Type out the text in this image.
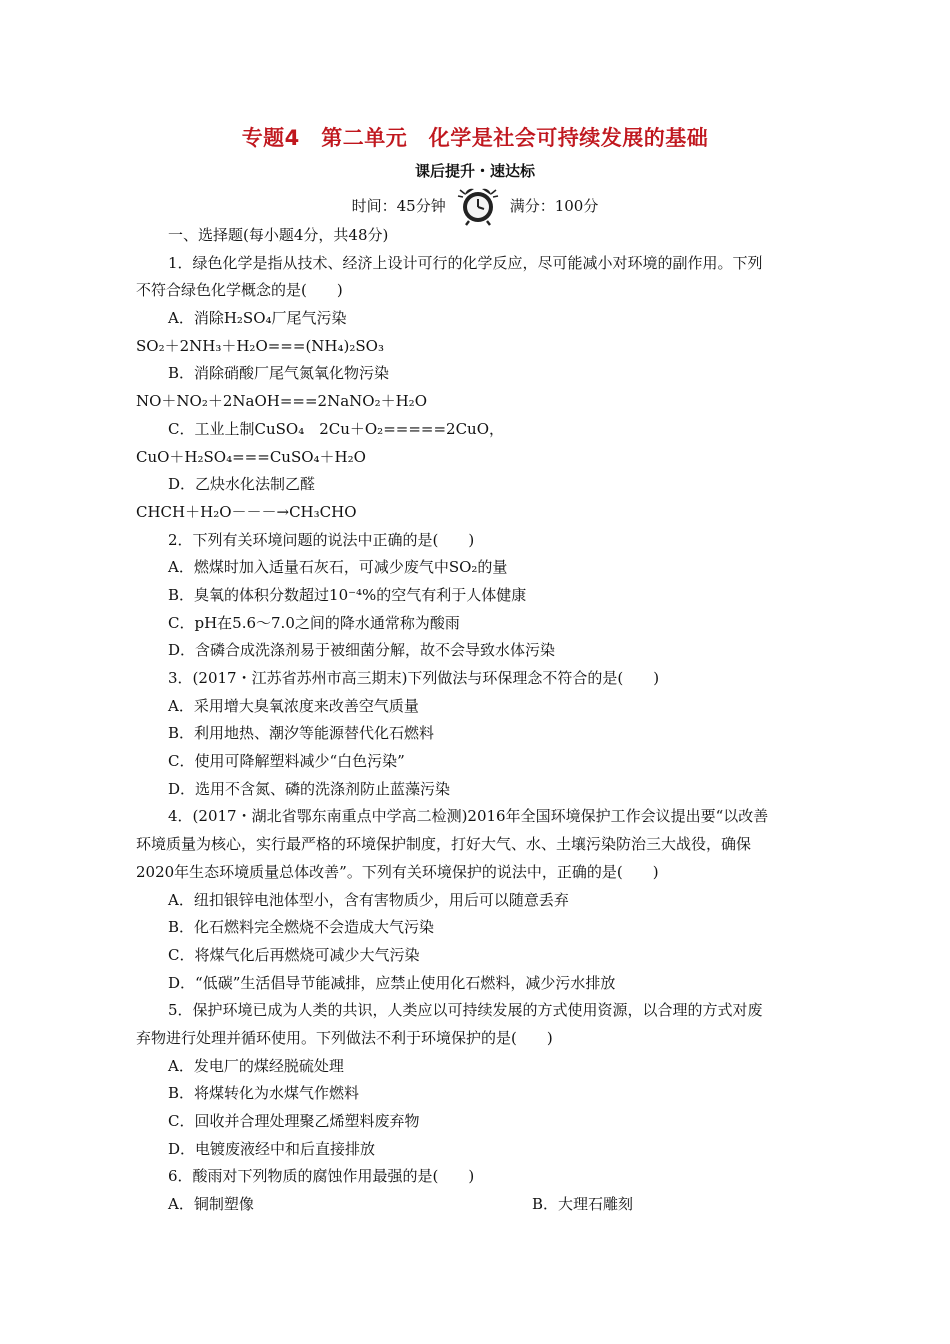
专题4　第二单元　化学是社会可持续发展的基础
课后提升・速达标
时间：45分钟	满分：100分
一、选择题(每小题4分，共48分)
1．绿色化学是指从技术、经济上设计可行的化学反应，尽可能减小对环境的副作用。下列
不符合绿色化学概念的是(　　)
A．消除H₂SO₄厂尾气污染
SO₂＋2NH₃＋H₂O===(NH₄)₂SO₃
B．消除硝酸厂尾气氮氧化物污染
NO＋NO₂＋2NaOH===2NaNO₂＋H₂O
C．工业上制CuSO₄　2Cu＋O₂=====2CuO，
CuO＋H₂SO₄===CuSO₄＋H₂O
D．乙炔水化法制乙醛
CHCH＋H₂O－－－→CH₃CHO
2．下列有关环境问题的说法中正确的是(　　)
A．燃煤时加入适量石灰石，可减少废气中SO₂的量
B．臭氧的体积分数超过10⁻⁴%的空气有利于人体健康
C．pH在5.6～7.0之间的降水通常称为酸雨
D．含磷合成洗涤剂易于被细菌分解，故不会导致水体污染
3．(2017・江苏省苏州市高三期末)下列做法与环保理念不符合的是(　　)
A．采用增大臭氧浓度来改善空气质量
B．利用地热、潮汐等能源替代化石燃料
C．使用可降解塑料减少“白色污染”
D．选用不含氮、磷的洗涤剂防止蓝藻污染
4．(2017・湖北省鄂东南重点中学高二检测)2016年全国环境保护工作会议提出要“以改善
环境质量为核心，实行最严格的环境保护制度，打好大气、水、土壤污染防治三大战役，确保
2020年生态环境质量总体改善”。下列有关环境保护的说法中，正确的是(　　)
A．纽扣银锌电池体型小，含有害物质少，用后可以随意丢弃
B．化石燃料完全燃烧不会造成大气污染
C．将煤气化后再燃烧可减少大气污染
D．“低碳”生活倡导节能减排，应禁止使用化石燃料，减少污水排放
5．保护环境已成为人类的共识，人类应以可持续发展的方式使用资源，以合理的方式对废
弃物进行处理并循环使用。下列做法不利于环境保护的是(　　)
A．发电厂的煤经脱硫处理
B．将煤转化为水煤气作燃料
C．回收并合理处理聚乙烯塑料废弃物
D．电镀废液经中和后直接排放
6．酸雨对下列物质的腐蚀作用最强的是(　　)
A．铜制塑像	B．大理石雕刻
